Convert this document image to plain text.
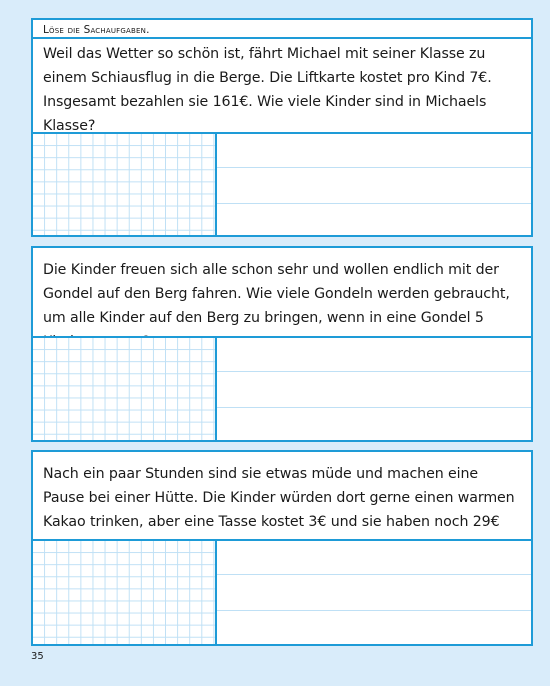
Löse die Sachaufgaben.
Weil das Wetter so schön ist, fährt Michael mit seiner Klasse zu einem Schiausflug in die Berge. Die Liftkarte kostet pro Kind 7€. Insgesamt bezahlen sie 161€. Wie viele Kinder sind in Michaels Klasse?
Die Kinder freuen sich alle schon sehr und wollen endlich mit der Gondel auf den Berg fahren. Wie viele Gondeln werden gebraucht, um alle Kinder auf den Berg zu bringen, wenn in eine Gondel 5
Nach ein paar Stunden sind sie etwas müde und machen eine Pause bei einer Hütte. Die Kinder würden dort gerne einen warmen Kakao trinken, aber eine Tasse kostet 3€ und sie haben noch 29€
35
